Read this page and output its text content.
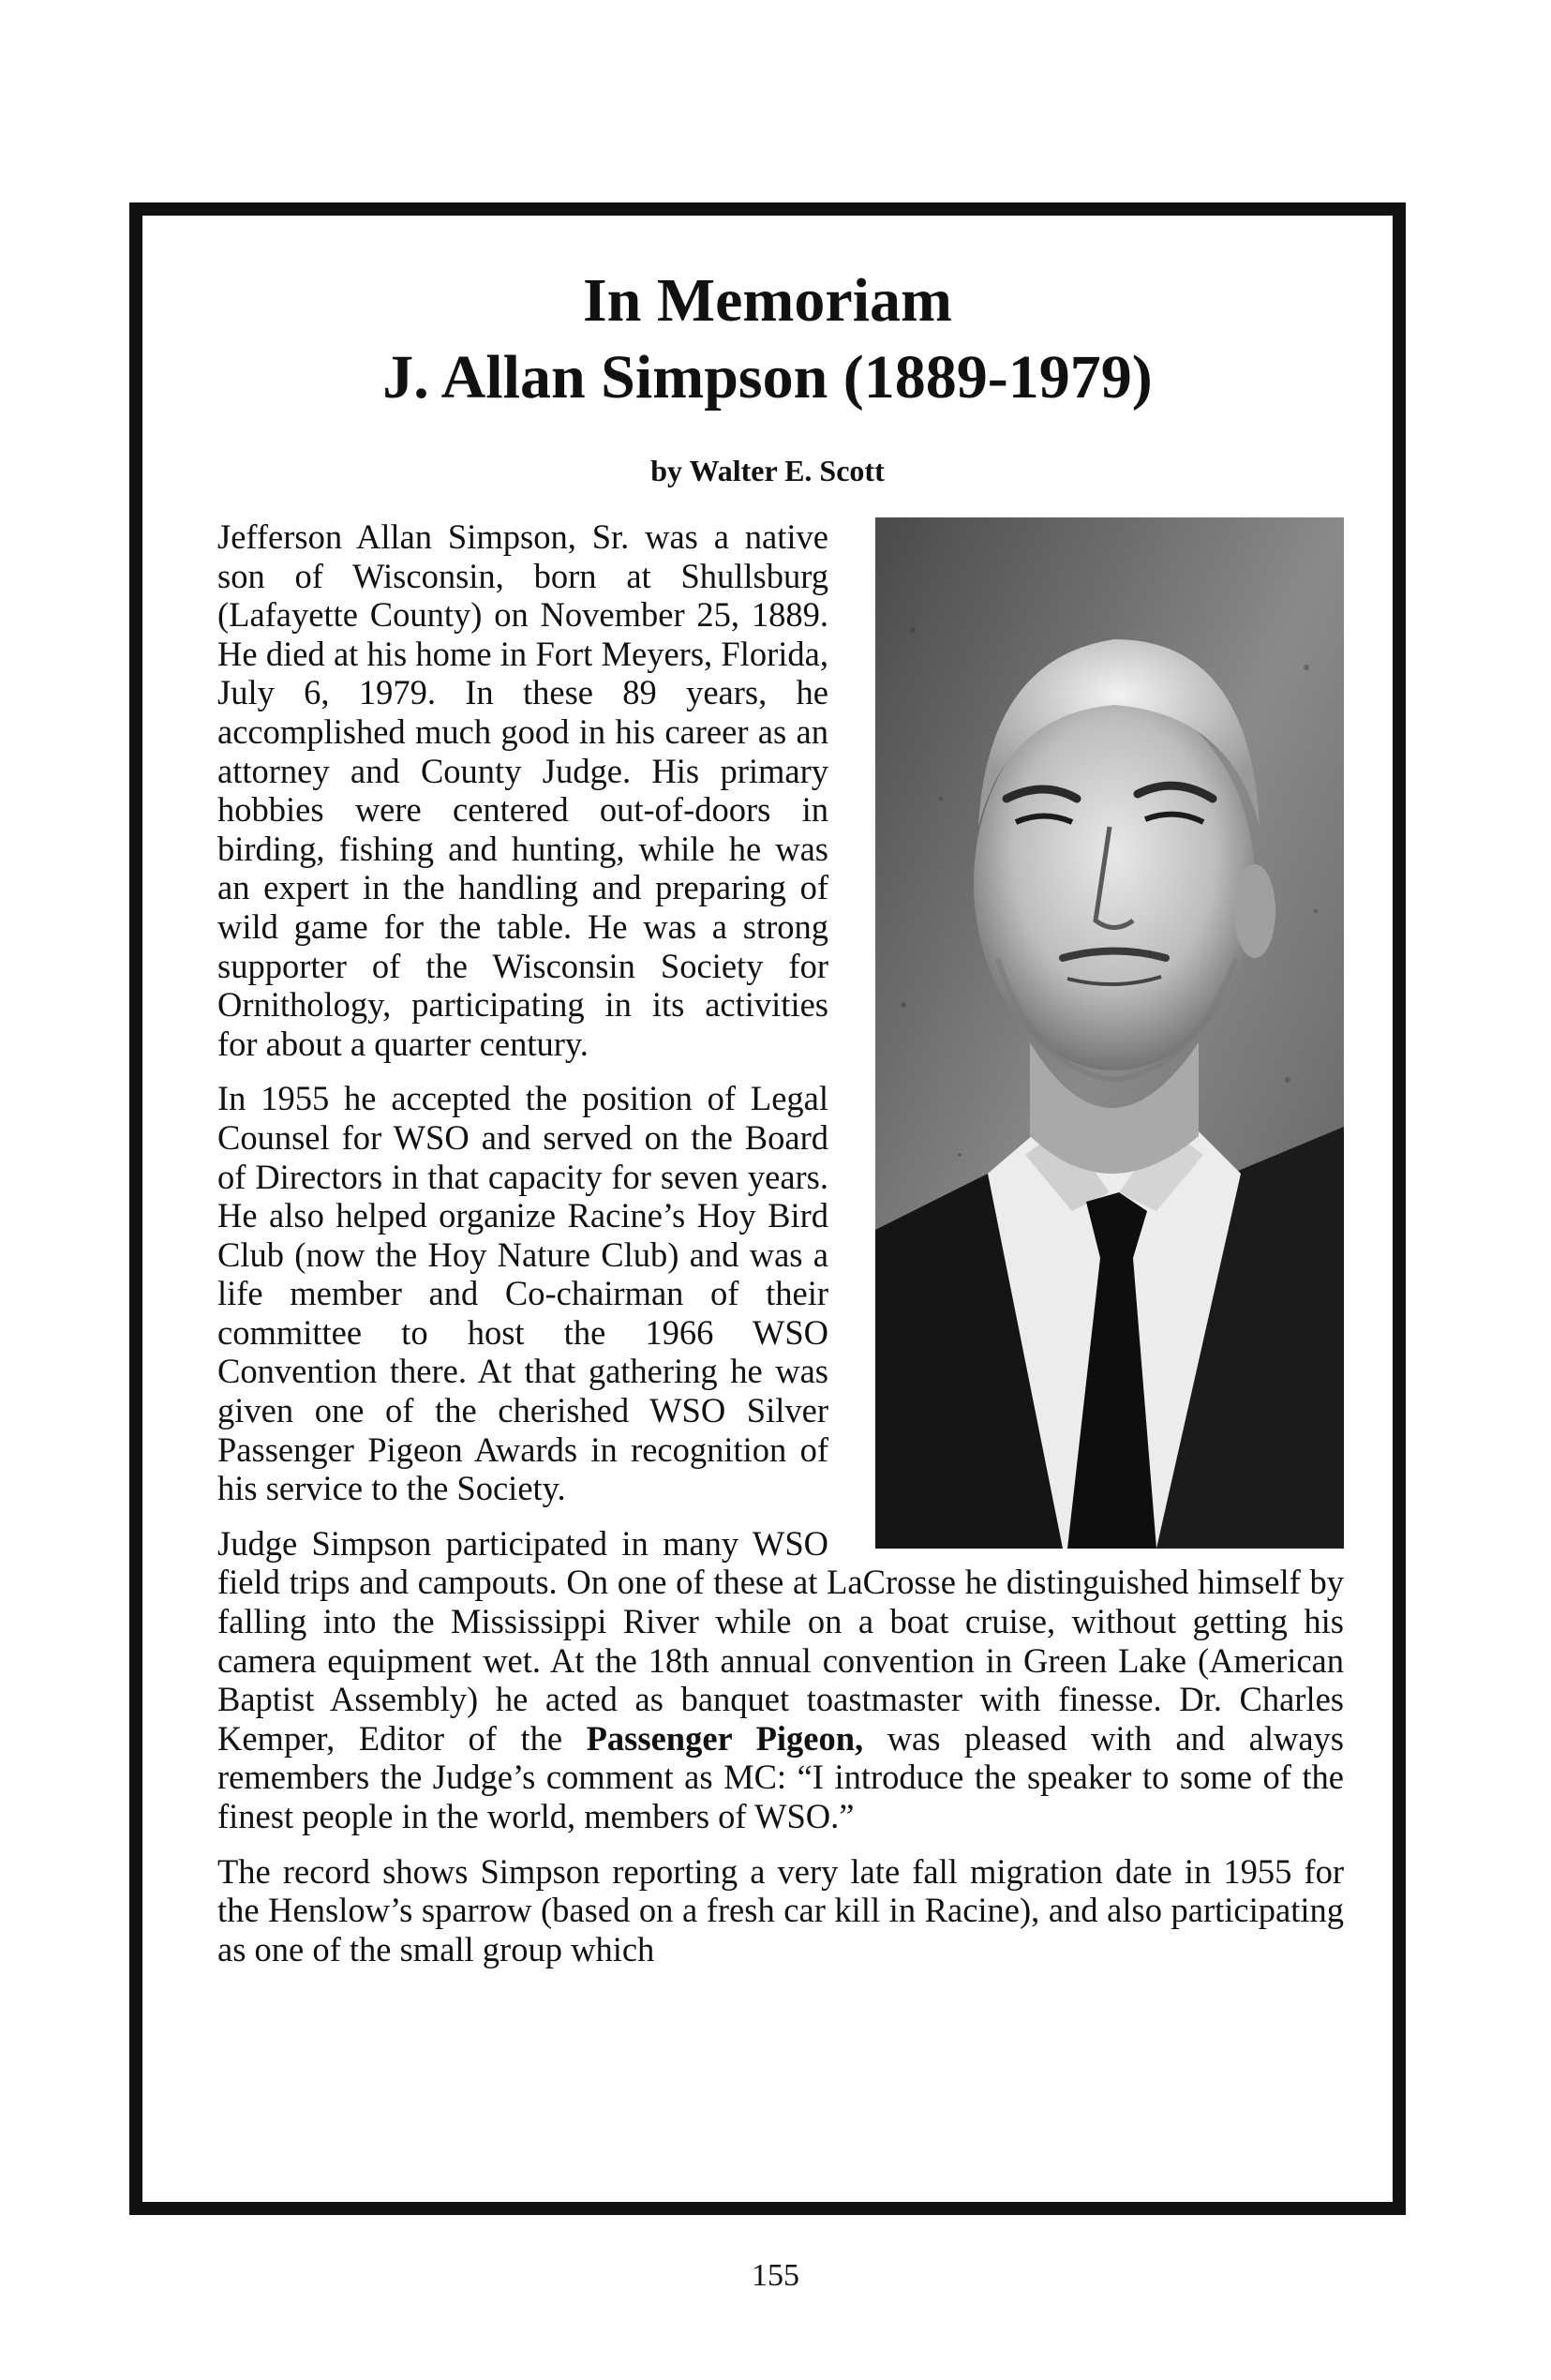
In Memoriam
J. Allan Simpson (1889-1979)
by Walter E. Scott

Jefferson Allan Simpson, Sr. was a native son of Wisconsin, born at Shullsburg (Lafayette County) on November 25, 1889. He died at his home in Fort Meyers, Florida, July 6, 1979. In these 89 years, he accomplished much good in his career as an attorney and County Judge. His primary hobbies were centered out-of-doors in birding, fishing and hunting, while he was an expert in the handling and preparing of wild game for the table. He was a strong supporter of the Wisconsin Society for Ornithology, participating in its activities for about a quarter century.

In 1955 he accepted the position of Legal Counsel for WSO and served on the Board of Directors in that capacity for seven years. He also helped organize Racine’s Hoy Bird Club (now the Hoy Nature Club) and was a life member and Co-chairman of their committee to host the 1966 WSO Convention there. At that gathering he was given one of the cherished WSO Silver Passenger Pigeon Awards in recognition of his service to the Society.

Judge Simpson participated in many WSO field trips and campouts. On one of these at LaCrosse he distinguished himself by falling into the Mississippi River while on a boat cruise, without getting his camera equipment wet. At the 18th annual convention in Green Lake (American Baptist Assembly) he acted as banquet toastmaster with finesse. Dr. Charles Kemper, Editor of the Passenger Pigeon, was pleased with and always remembers the Judge’s comment as MC: “I introduce the speaker to some of the finest people in the world, members of WSO.”

The record shows Simpson reporting a very late fall migration date in 1955 for the Henslow’s sparrow (based on a fresh car kill in Racine), and also participating as one of the small group which

155
